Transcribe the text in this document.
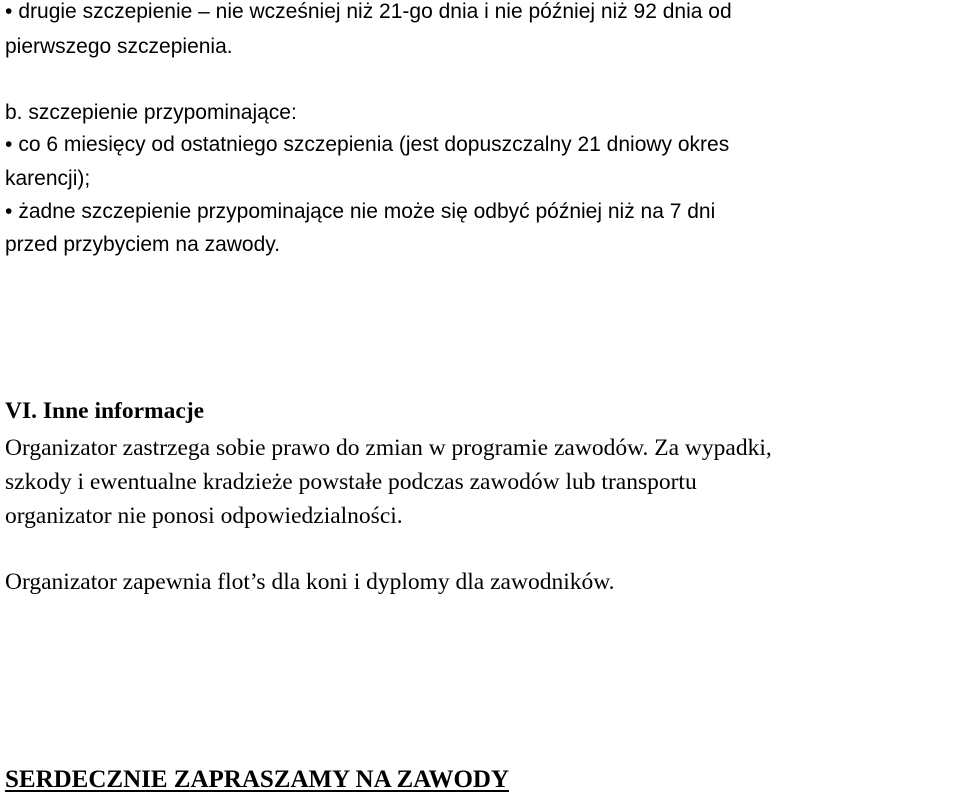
• drugie szczepienie – nie wcześniej niż 21-go dnia i nie później niż 92 dnia od
pierwszego szczepienia.
b. szczepienie przypominające:
• co 6 miesięcy od ostatniego szczepienia (jest dopuszczalny 21 dniowy okres
karencji);
• żadne szczepienie przypominające nie może się odbyć później niż na 7 dni
przed przybyciem na zawody.
VI. Inne informacje
Organizator zastrzega sobie prawo do zmian w programie zawodów. Za wypadki,
szkody i ewentualne kradzieże powstałe podczas zawodów lub transportu
organizator nie ponosi odpowiedzialności.
Organizator zapewnia flot’s dla koni i dyplomy dla zawodników.
SERDECZNIE ZAPRASZAMY NA ZAWODY
